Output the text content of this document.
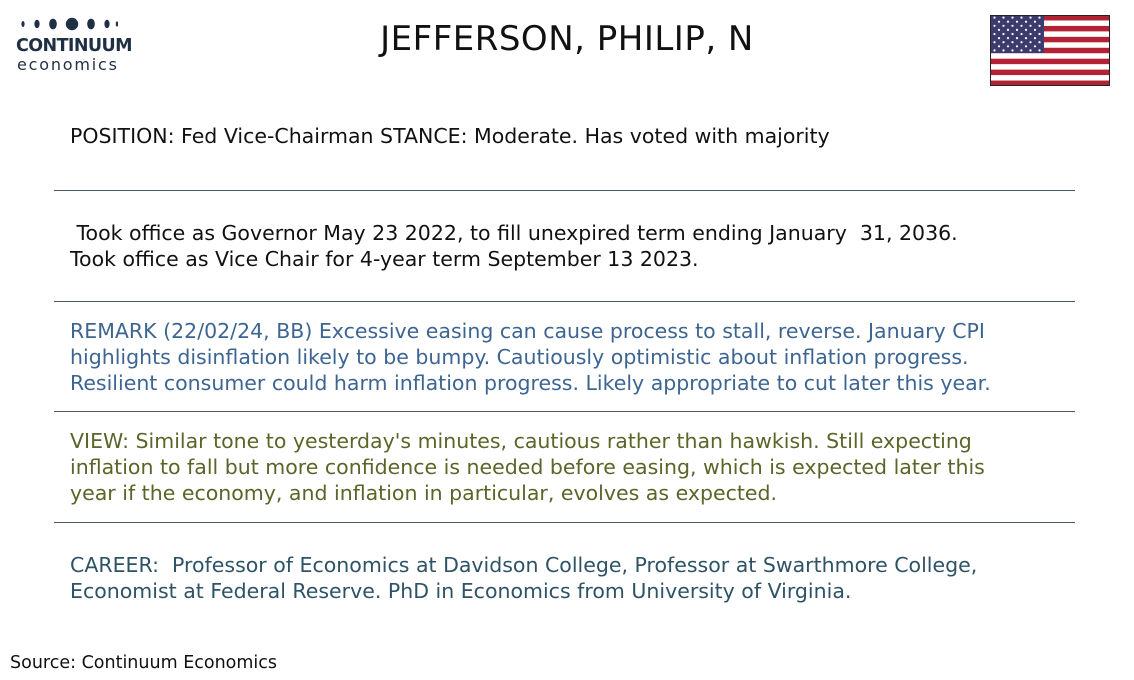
CONTINUUM
economics
JEFFERSON, PHILIP, N
POSITION: Fed Vice-Chairman STANCE: Moderate. Has voted with majority
Took office as Governor May 23 2022, to fill unexpired term ending January  31, 2036.
Took office as Vice Chair for 4-year term September 13 2023.
REMARK (22/02/24, BB) Excessive easing can cause process to stall, reverse. January CPI
highlights disinflation likely to be bumpy. Cautiously optimistic about inflation progress.
Resilient consumer could harm inflation progress. Likely appropriate to cut later this year.
VIEW: Similar tone to yesterday's minutes, cautious rather than hawkish. Still expecting
inflation to fall but more confidence is needed before easing, which is expected later this
year if the economy, and inflation in particular, evolves as expected.
CAREER:  Professor of Economics at Davidson College, Professor at Swarthmore College,
Economist at Federal Reserve. PhD in Economics from University of Virginia.
Source: Continuum Economics
